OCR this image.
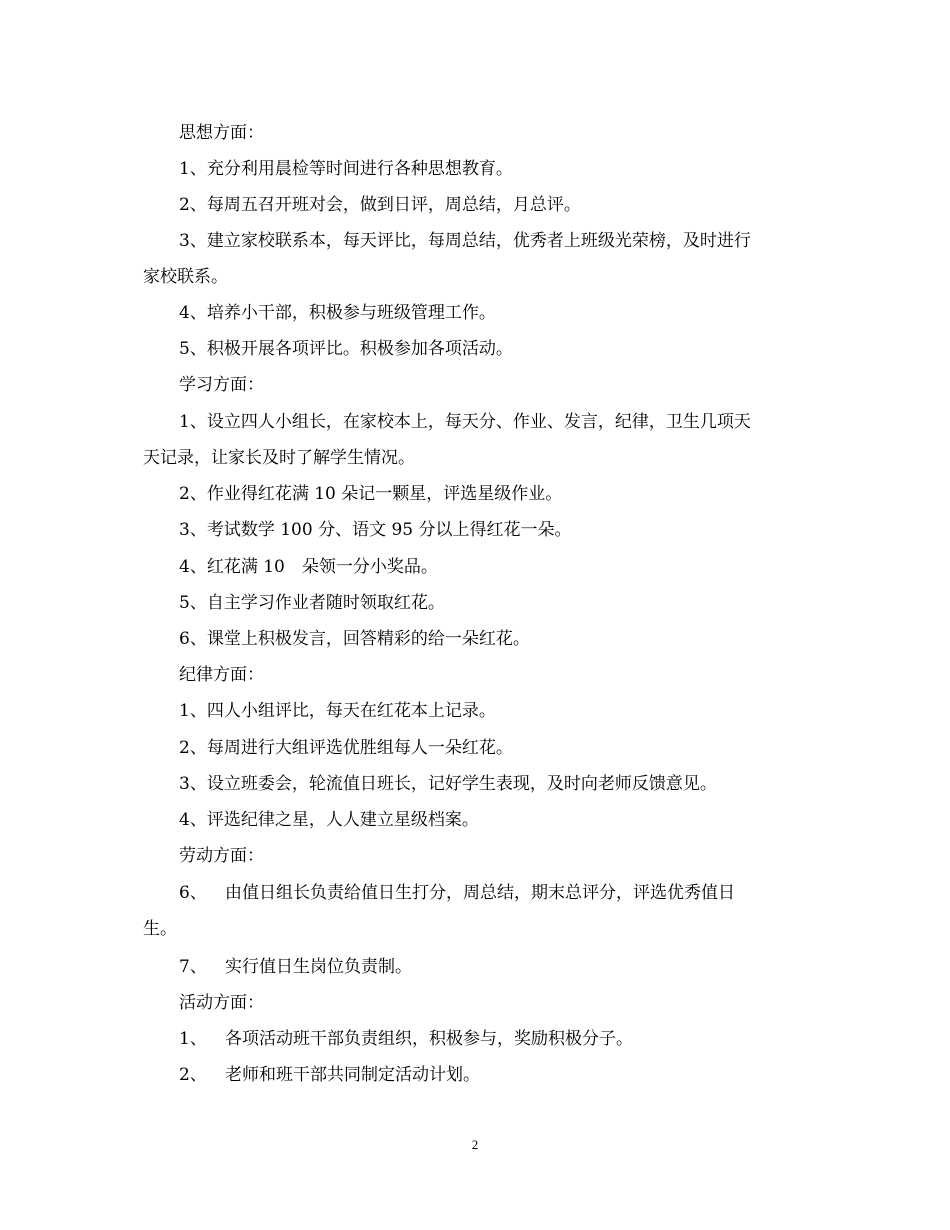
思想方面：
1、充分利用晨检等时间进行各种思想教育。
2、每周五召开班对会，做到日评，周总结，月总评。
3、建立家校联系本，每天评比，每周总结，优秀者上班级光荣榜，及时进行
家校联系。
4、培养小干部，积极参与班级管理工作。
5、积极开展各项评比。积极参加各项活动。
学习方面：
1、设立四人小组长，在家校本上，每天分、作业、发言，纪律，卫生几项天
天记录，让家长及时了解学生情况。
2、作业得红花满 10 朵记一颗星，评选星级作业。
3、考试数学 100 分、语文 95 分以上得红花一朵。
4、红花满 10　朵领一分小奖品。
5、自主学习作业者随时领取红花。
6、课堂上积极发言，回答精彩的给一朵红花。
纪律方面：
1、四人小组评比，每天在红花本上记录。
2、每周进行大组评选优胜组每人一朵红花。
3、设立班委会，轮流值日班长，记好学生表现，及时向老师反馈意见。
4、评选纪律之星，人人建立星级档案。
劳动方面：
6、 由值日组长负责给值日生打分，周总结，期末总评分，评选优秀值日
生。
7、 实行值日生岗位负责制。
活动方面：
1、 各项活动班干部负责组织，积极参与，奖励积极分子。
2、 老师和班干部共同制定活动计划。
2
